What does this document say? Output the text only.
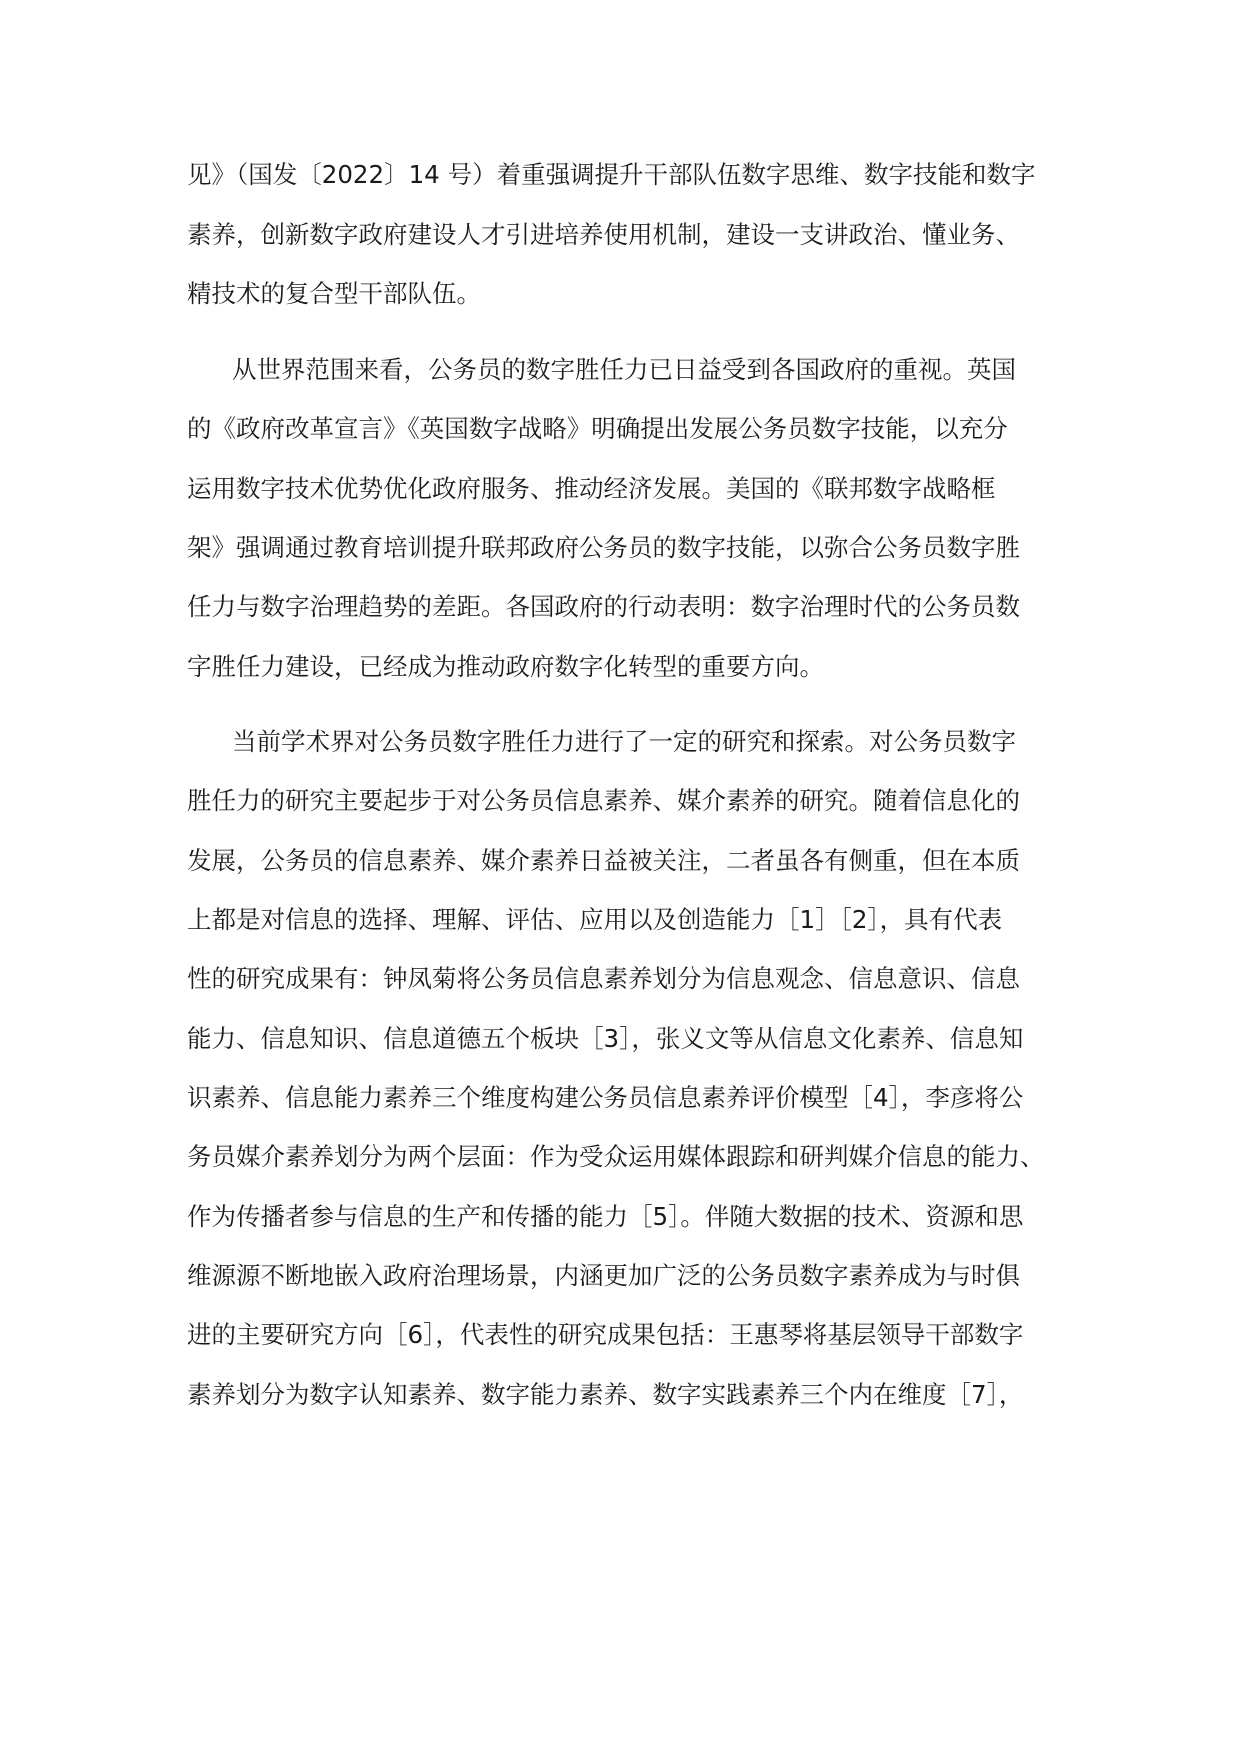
见》（国发〔2022〕14 号）着重强调提升干部队伍数字思维、数字技能和数字
素养，创新数字政府建设人才引进培养使用机制，建设一支讲政治、懂业务、
精技术的复合型干部队伍。
从世界范围来看，公务员的数字胜任力已日益受到各国政府的重视。英国
的《政府改革宣言》《英国数字战略》明确提出发展公务员数字技能，以充分
运用数字技术优势优化政府服务、推动经济发展。美国的《联邦数字战略框
架》强调通过教育培训提升联邦政府公务员的数字技能，以弥合公务员数字胜
任力与数字治理趋势的差距。各国政府的行动表明：数字治理时代的公务员数
字胜任力建设，已经成为推动政府数字化转型的重要方向。
当前学术界对公务员数字胜任力进行了一定的研究和探索。对公务员数字
胜任力的研究主要起步于对公务员信息素养、媒介素养的研究。随着信息化的
发展，公务员的信息素养、媒介素养日益被关注，二者虽各有侧重，但在本质
上都是对信息的选择、理解、评估、应用以及创造能力［1］［2］，具有代表
性的研究成果有：钟凤菊将公务员信息素养划分为信息观念、信息意识、信息
能力、信息知识、信息道德五个板块［3］，张义文等从信息文化素养、信息知
识素养、信息能力素养三个维度构建公务员信息素养评价模型［4］，李彦将公
务员媒介素养划分为两个层面：作为受众运用媒体跟踪和研判媒介信息的能力、
作为传播者参与信息的生产和传播的能力［5］。伴随大数据的技术、资源和思
维源源不断地嵌入政府治理场景，内涵更加广泛的公务员数字素养成为与时俱
进的主要研究方向［6］，代表性的研究成果包括：王惠琴将基层领导干部数字
素养划分为数字认知素养、数字能力素养、数字实践素养三个内在维度［7］，
